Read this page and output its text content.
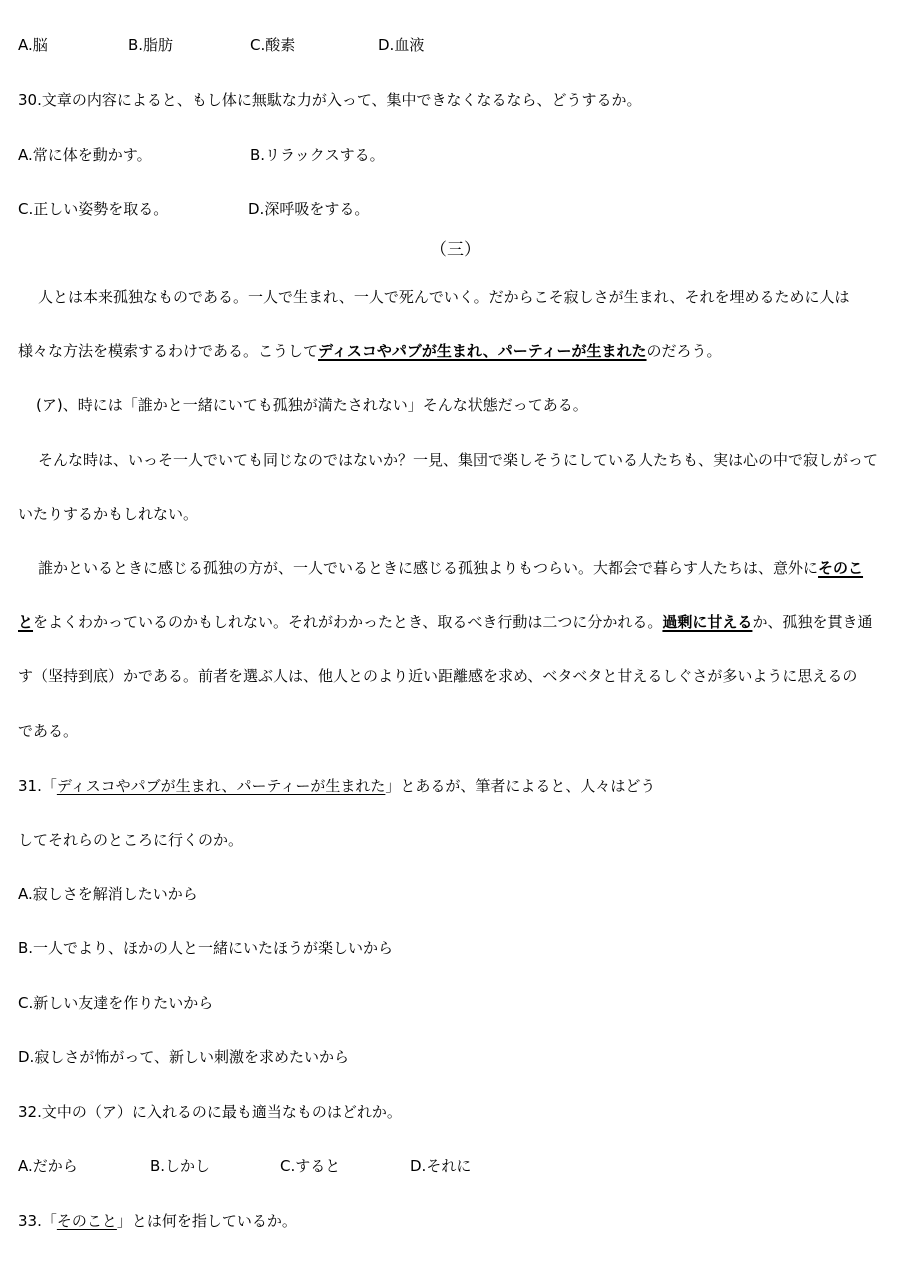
A.脳	B.脂肪	C.酸素	D.血液
30.文章の内容によると、もし体に無駄な力が入って、集中できなくなるなら、どうするか。
A.常に体を動かす。	B.リラックスする。
C.正しい姿勢を取る。	D.深呼吸をする。
（三）
人とは本来孤独なものである。一人で生まれ、一人で死んでいく。だからこそ寂しさが生まれ、それを埋めるために人は
様々な方法を模索するわけである。こうしてディスコやパブが生まれ、パーティーが生まれたのだろう。
(ア)、時には「誰かと一緒にいても孤独が満たされない」そんな状態だってある。
そんな時は、いっそ一人でいても同じなのではないか？一見、集団で楽しそうにしている人たちも、実は心の中で寂しがって
いたりするかもしれない。
誰かといるときに感じる孤独の方が、一人でいるときに感じる孤独よりもつらい。大都会で暮らす人たちは、意外にそのこ
とをよくわかっているのかもしれない。それがわかったとき、取るべき行動は二つに分かれる。過剰に甘えるか、孤独を貫き通
す（坚持到底）かである。前者を選ぶ人は、他人とのより近い距離感を求め、ベタベタと甘えるしぐさが多いように思えるの
である。
31.「ディスコやパブが生まれ、パーティーが生まれた」とあるが、筆者によると、人々はどう
してそれらのところに行くのか。
A.寂しさを解消したいから
B.一人でより、ほかの人と一緒にいたほうが楽しいから
C.新しい友達を作りたいから
D.寂しさが怖がって、新しい刺激を求めたいから
32.文中の（ア）に入れるのに最も適当なものはどれか。
A.だから	B.しかし	C.すると	D.それに
33.「そのこと」とは何を指しているか。
